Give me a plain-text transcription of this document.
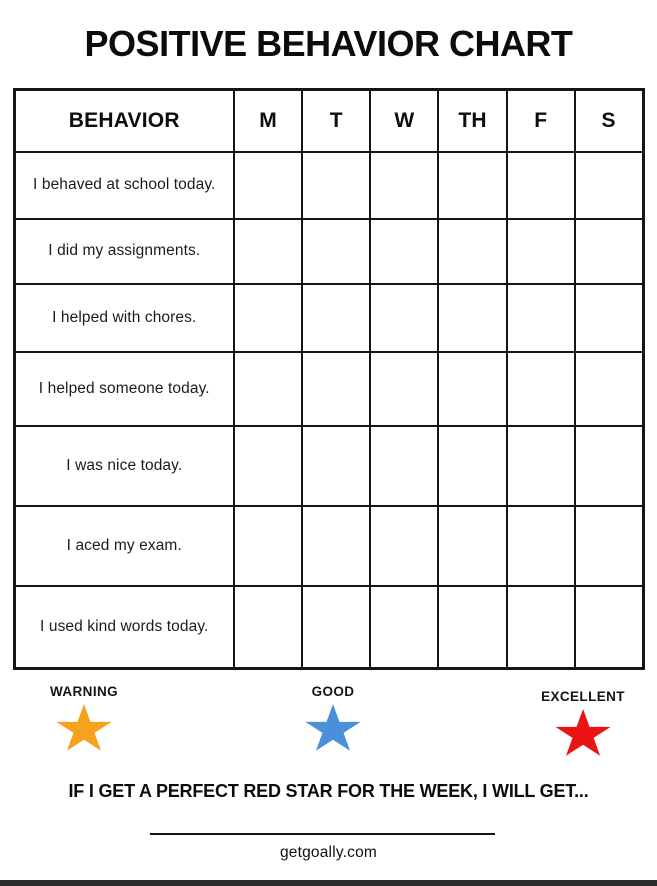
POSITIVE BEHAVIOR CHART
BEHAVIOR	M	T	W	TH	F	S
I behaved at school today.						
I did my assignments.						
I helped with chores.						
I helped someone today.						
I was nice today.						
I aced my exam.						
I used kind words today.						
WARNING	GOOD	EXCELLENT
IF I GET A PERFECT RED STAR FOR THE WEEK, I WILL GET...
getgoally.com
